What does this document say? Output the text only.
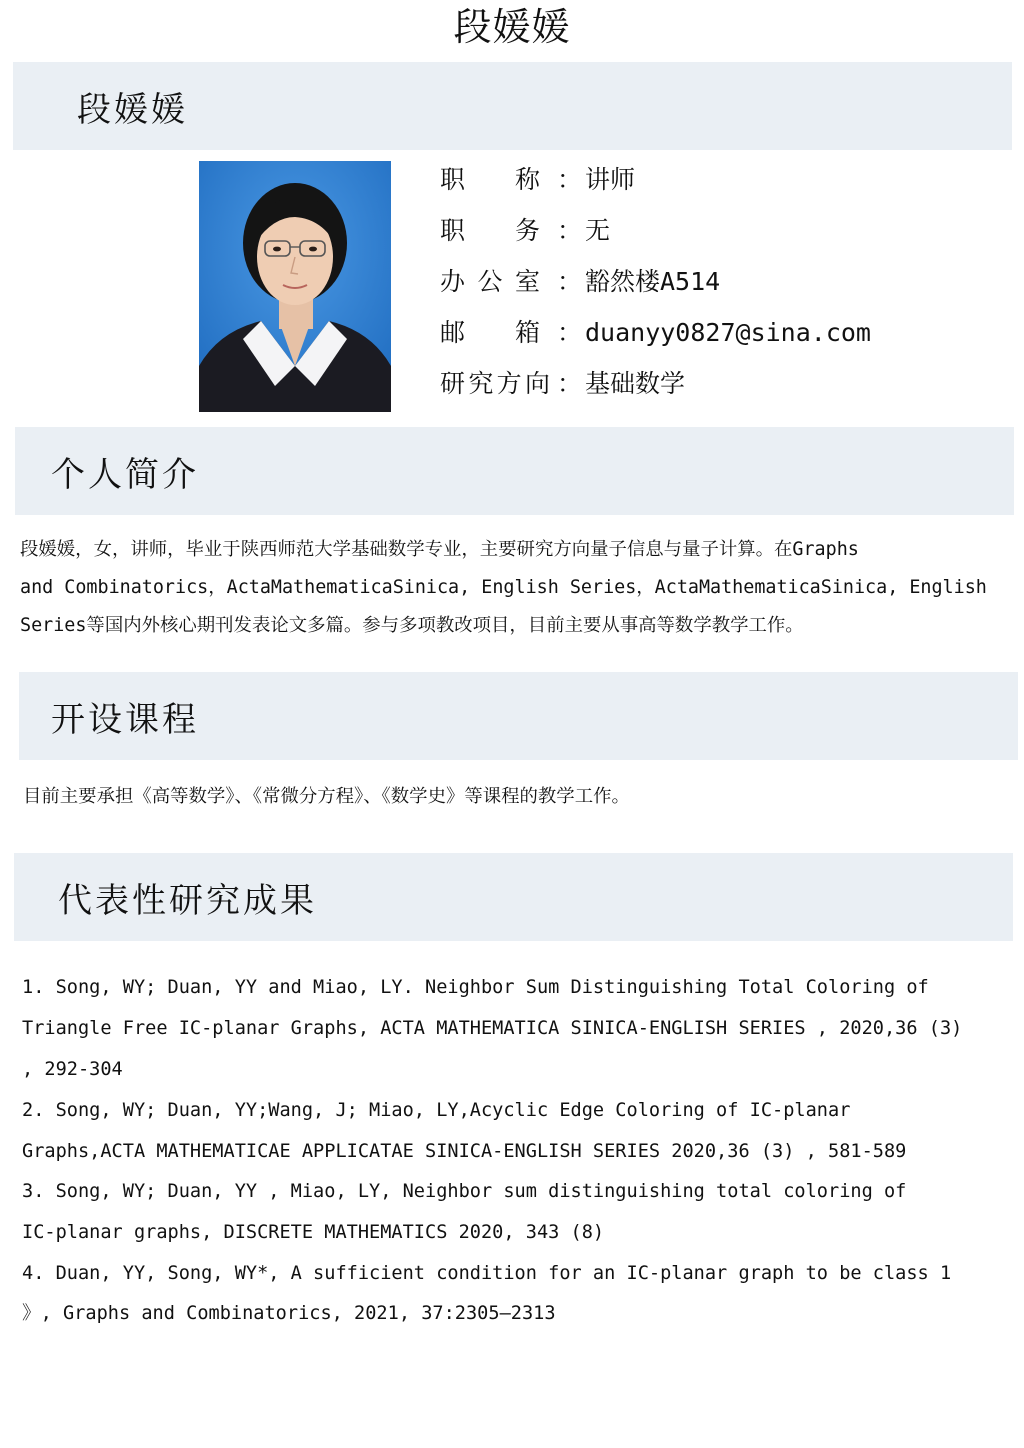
段媛媛
段媛媛
职 称 ： 讲师
职 务 ： 无
办 公 室 ： 豁然楼A514
邮 箱 ： duanyy0827@sina.com
研 究 方 向 ： 基础数学
个人简介
段媛媛，女，讲师，毕业于陕西师范大学基础数学专业，主要研究方向量子信息与量子计算。在Graphs
and Combinatorics，ActaMathematicaSinica, English Series，ActaMathematicaSinica, English
Series等国内外核心期刊发表论文多篇。参与多项教改项目，目前主要从事高等数学教学工作。
开设课程
目前主要承担《高等数学》、《常微分方程》、《数学史》等课程的教学工作。
代表性研究成果
1. Song, WY; Duan, YY and Miao, LY. Neighbor Sum Distinguishing Total Coloring of
Triangle Free IC-planar Graphs, ACTA MATHEMATICA SINICA-ENGLISH SERIES , 2020,36 (3)
, 292-304
2. Song, WY; Duan, YY;Wang, J; Miao, LY,Acyclic Edge Coloring of IC-planar
Graphs,ACTA MATHEMATICAE APPLICATAE SINICA-ENGLISH SERIES 2020,36 (3) , 581-589
3. Song, WY; Duan, YY , Miao, LY, Neighbor sum distinguishing total coloring of
IC-planar graphs, DISCRETE MATHEMATICS 2020, 343 (8)
4. Duan, YY, Song, WY*, A sufficient condition for an IC-planar graph to be class 1
》, Graphs and Combinatorics, 2021, 37:2305–2313
